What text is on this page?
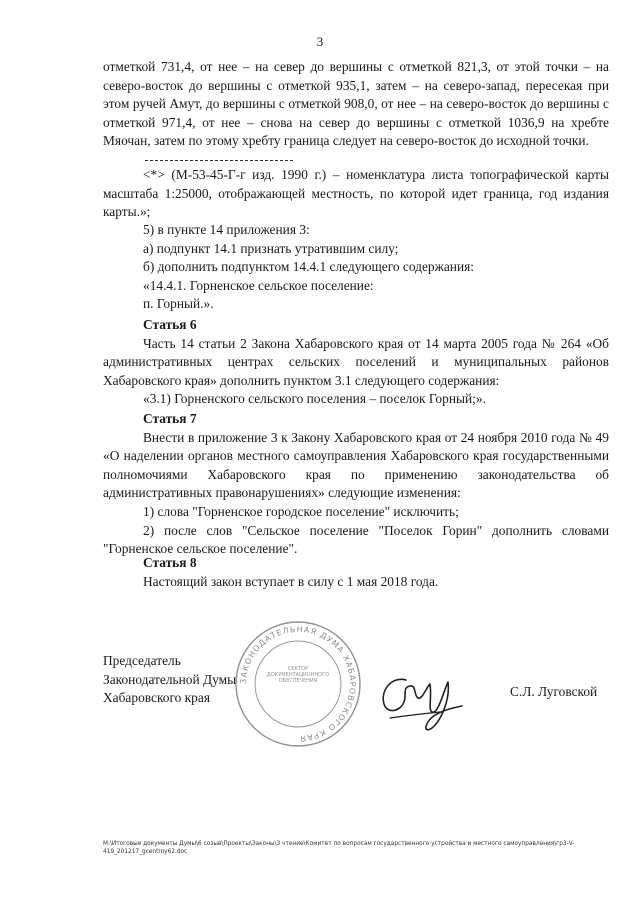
3
отметкой 731,4, от нее – на север до вершины с отметкой 821,3, от этой точки – на северо-восток до вершины с отметкой 935,1, затем – на северо-запад, пересекая при этом ручей Амут, до вершины с отметкой 908,0, от нее – на северо-восток до вершины с отметкой 971,4, от нее – снова на север до вершины с отметкой 1036,9 на хребте Мяочан, затем по этому хребту граница следует на северо-восток до исходной точки.
<*> (М-53-45-Г-г изд. 1990 г.) – номенклатура листа топографической карты масштаба 1:25000, отображающей местность, по которой идет граница, год издания карты.»;

5) в пункте 14 приложения 3:

а) подпункт 14.1 признать утратившим силу;

б) дополнить подпунктом 14.4.1 следующего содержания:

«14.4.1. Горненское сельское поселение:

п. Горный.».

Статья 6

Часть 14 статьи 2 Закона Хабаровского края от 14 марта 2005 года № 264 «Об административных центрах сельских поселений и муниципальных районов Хабаровского края» дополнить пунктом 3.1 следующего содержания:

«3.1) Горненского сельского поселения – поселок Горный;».

Статья 7

Внести в приложение 3 к Закону Хабаровского края от 24 ноября 2010 года № 49 «О наделении органов местного самоуправления Хабаровского края государственными полномочиями Хабаровского края по применению законодательства об административных правонарушениях» следующие изменения:

1) слова "Горненское городское поселение" исключить;

2) после слов "Сельское поселение "Поселок Горин" дополнить словами "Горненское сельское поселение".

Статья 8

Настоящий закон вступает в силу с 1 мая 2018 года.

ЗАКОНОДАТЕЛЬНАЯ ДУМА ХАБАРОВСКОГО КРАЯ
СЕКТОР ДОКУМЕНТАЦИОННОГО ОБЕСПЕЧЕНИЯ
Председатель
Законодательной Думы
Хабаровского края	С.Л. Луговской
M:\Итоговые документы Думы\6 созыв\Проекты\Законы\3 чтение\Комитет по вопросам государственного устройства и местного самоуправления\гр3-V-419_201217_gcentroy62.doc
